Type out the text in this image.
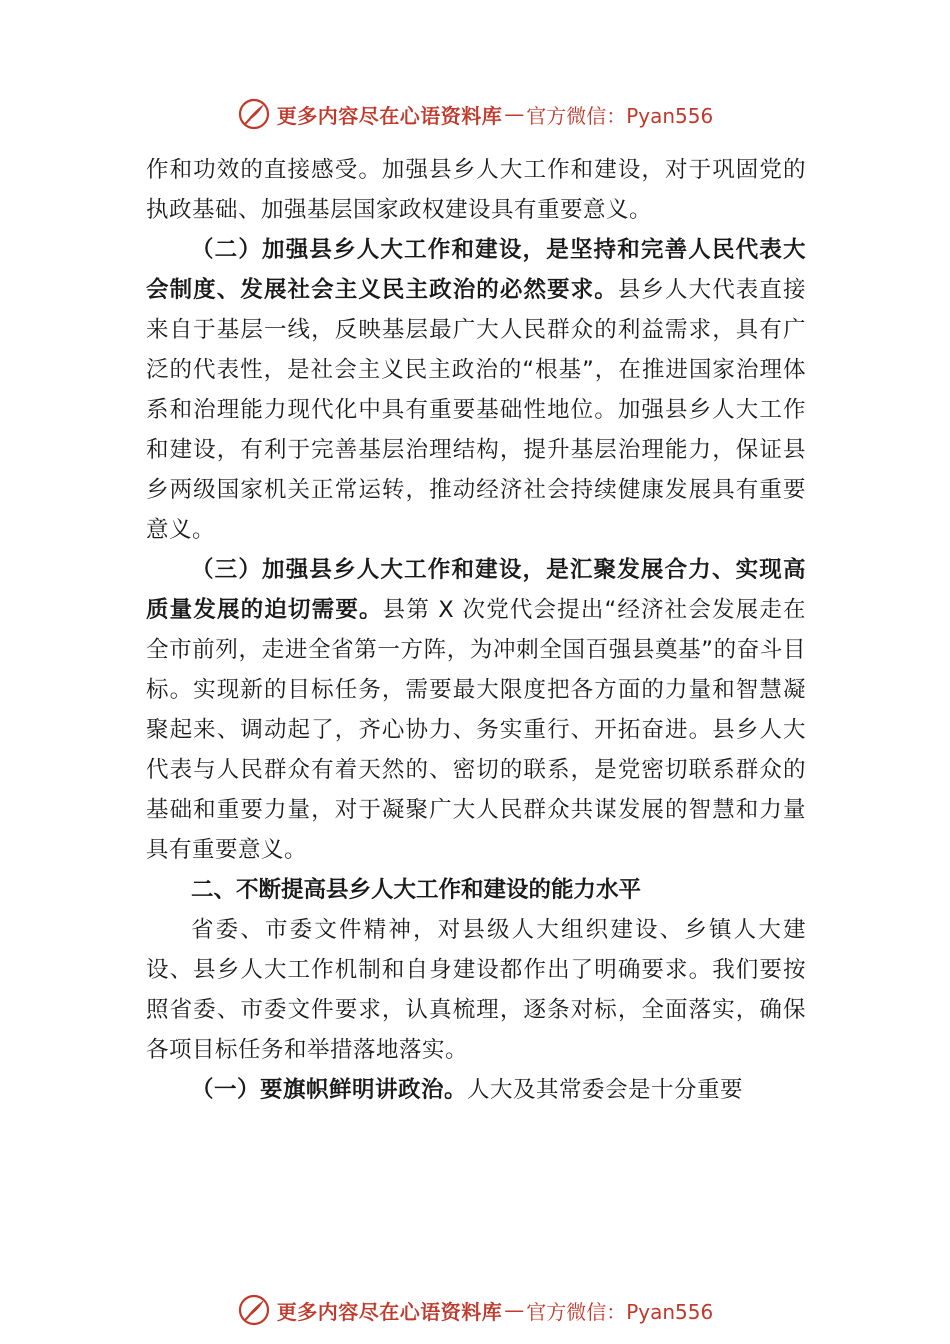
更多内容尽在心语资料库 — 官方微信：Pyan556

作和功效的直接感受。加强县乡人大工作和建设，对于巩固党的执政基础、加强基层国家政权建设具有重要意义。

（二）加强县乡人大工作和建设，是坚持和完善人民代表大会制度、发展社会主义民主政治的必然要求。县乡人大代表直接来自于基层一线，反映基层最广大人民群众的利益需求，具有广泛的代表性，是社会主义民主政治的“根基”，在推进国家治理体系和治理能力现代化中具有重要基础性地位。加强县乡人大工作和建设，有利于完善基层治理结构，提升基层治理能力，保证县乡两级国家机关正常运转，推动经济社会持续健康发展具有重要意义。

（三）加强县乡人大工作和建设，是汇聚发展合力、实现高质量发展的迫切需要。县第 X 次党代会提出“经济社会发展走在全市前列，走进全省第一方阵，为冲刺全国百强县奠基”的奋斗目标。实现新的目标任务，需要最大限度把各方面的力量和智慧凝聚起来、调动起了，齐心协力、务实重行、开拓奋进。县乡人大代表与人民群众有着天然的、密切的联系，是党密切联系群众的基础和重要力量，对于凝聚广大人民群众共谋发展的智慧和力量具有重要意义。

二、不断提高县乡人大工作和建设的能力水平

省委、市委文件精神，对县级人大组织建设、乡镇人大建设、县乡人大工作机制和自身建设都作出了明确要求。我们要按照省委、市委文件要求，认真梳理，逐条对标，全面落实，确保各项目标任务和举措落地落实。

（一）要旗帜鲜明讲政治。人大及其常委会是十分重要

更多内容尽在心语资料库 — 官方微信：Pyan556
